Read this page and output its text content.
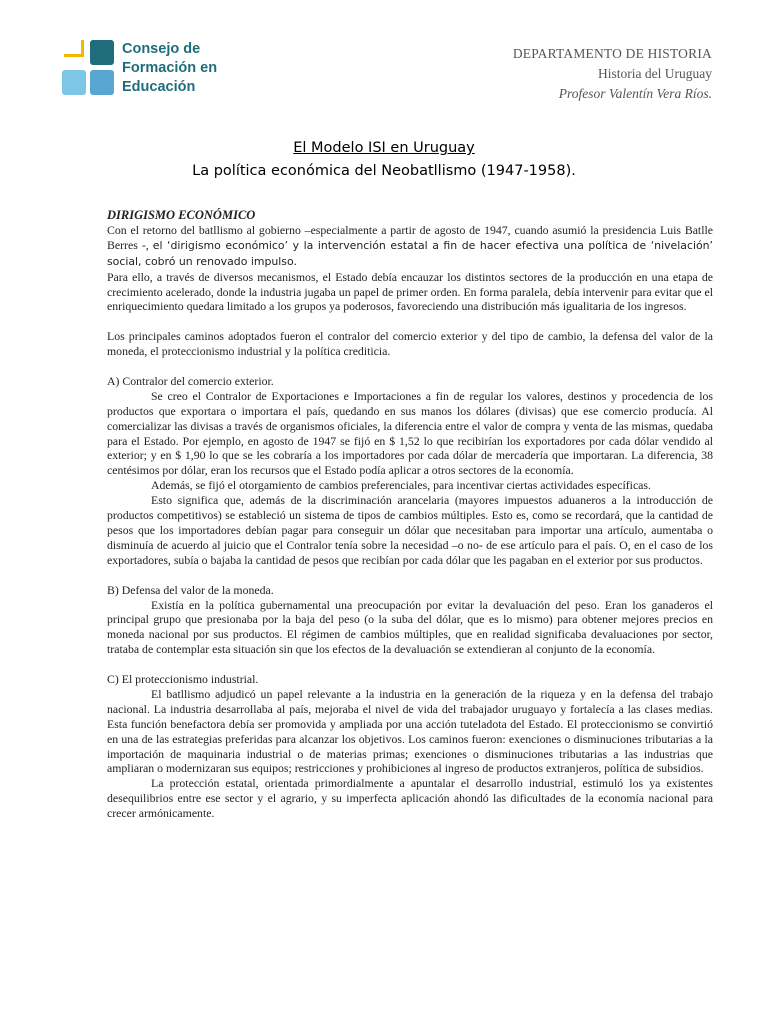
Consejo de
Formación en
Educación
DEPARTAMENTO DE HISTORIA
Historia del Uruguay
Profesor Valentín Vera Ríos.
El Modelo ISI en Uruguay
La política económica del Neobatllismo (1947-1958).

DIRIGISMO ECONÓMICO

Con el retorno del batllismo al gobierno –especialmente a partir de agosto de 1947, cuando asumió la presidencia Luis Batlle Berres -, el ‘dirigismo económico’ y la intervención estatal a fin de hacer efectiva una política de ‘nivelación’ social, cobró un renovado impulso.

Para ello, a través de diversos mecanismos, el Estado debía encauzar los distintos sectores de la producción en una etapa de crecimiento acelerado, donde la industria jugaba un papel de primer orden. En forma paralela, debía intervenir para evitar que el enriquecimiento quedara limitado a los grupos ya poderosos, favoreciendo una distribución más igualitaria de los ingresos.

Los principales caminos adoptados fueron el contralor del comercio exterior y del tipo de cambio, la defensa del valor de la moneda, el proteccionismo industrial y la política crediticia.

A) Contralor del comercio exterior.

Se creo el Contralor de Exportaciones e Importaciones a fin de regular los valores, destinos y procedencia de los productos que exportara o importara el país, quedando en sus manos los dólares (divisas) que ese comercio producía. Al comercializar las divisas a través de organismos oficiales, la diferencia entre el valor de compra y venta de las mismas, quedaba para el Estado. Por ejemplo, en agosto de 1947 se fijó en $ 1,52 lo que recibirían los exportadores por cada dólar vendido al exterior; y en $ 1,90 lo que se les cobraría a los importadores por cada dólar de mercadería que importaran. La diferencia, 38 centésimos por dólar, eran los recursos que el Estado podía aplicar a otros sectores de la economía.

Además, se fijó el otorgamiento de cambios preferenciales, para incentivar ciertas actividades específicas.

Esto significa que, además de la discriminación arancelaria (mayores impuestos aduaneros a la introducción de productos competitivos) se estableció un sistema de tipos de cambios múltiples. Esto es, como se recordará, que la cantidad de pesos que los importadores debían pagar para conseguir un dólar que necesitaban para importar una artículo, aumentaba o disminuía de acuerdo al juicio que el Contralor tenía sobre la necesidad –o no- de ese artículo para el país. O, en el caso de los exportadores, subía o bajaba la cantidad de pesos que recibían por cada dólar que les pagaban en el exterior por sus productos.

B) Defensa del valor de la moneda.

Existía en la política gubernamental una preocupación por evitar la devaluación del peso. Eran los ganaderos el principal grupo que presionaba por la baja del peso (o la suba del dólar, que es lo mismo) para obtener mejores precios en moneda nacional por sus productos. El régimen de cambios múltiples, que en realidad significaba devaluaciones por sector, trataba de contemplar esta situación sin que los efectos de la devaluación se extendieran al conjunto de la economía.

C) El proteccionismo industrial.

El batllismo adjudicó un papel relevante a la industria en la generación de la riqueza y en la defensa del trabajo nacional. La industria desarrollaba al país, mejoraba el nivel de vida del trabajador uruguayo y fortalecía a las clases medias. Esta función benefactora debía ser promovida y ampliada por una acción tuteladota del Estado. El proteccionismo se convirtió en una de las estrategias preferidas para alcanzar los objetivos. Los caminos fueron: exenciones o disminuciones tributarias a la importación de maquinaria industrial o de materias primas; exenciones o disminuciones tributarias a las industrias que ampliaran o modernizaran sus equipos; restricciones y prohibiciones al ingreso de productos extranjeros, política de subsidios.

La protección estatal, orientada primordialmente a apuntalar el desarrollo industrial, estimuló los ya existentes desequilibrios entre ese sector y el agrario, y su imperfecta aplicación ahondó las dificultades de la economía nacional para crecer armónicamente.
